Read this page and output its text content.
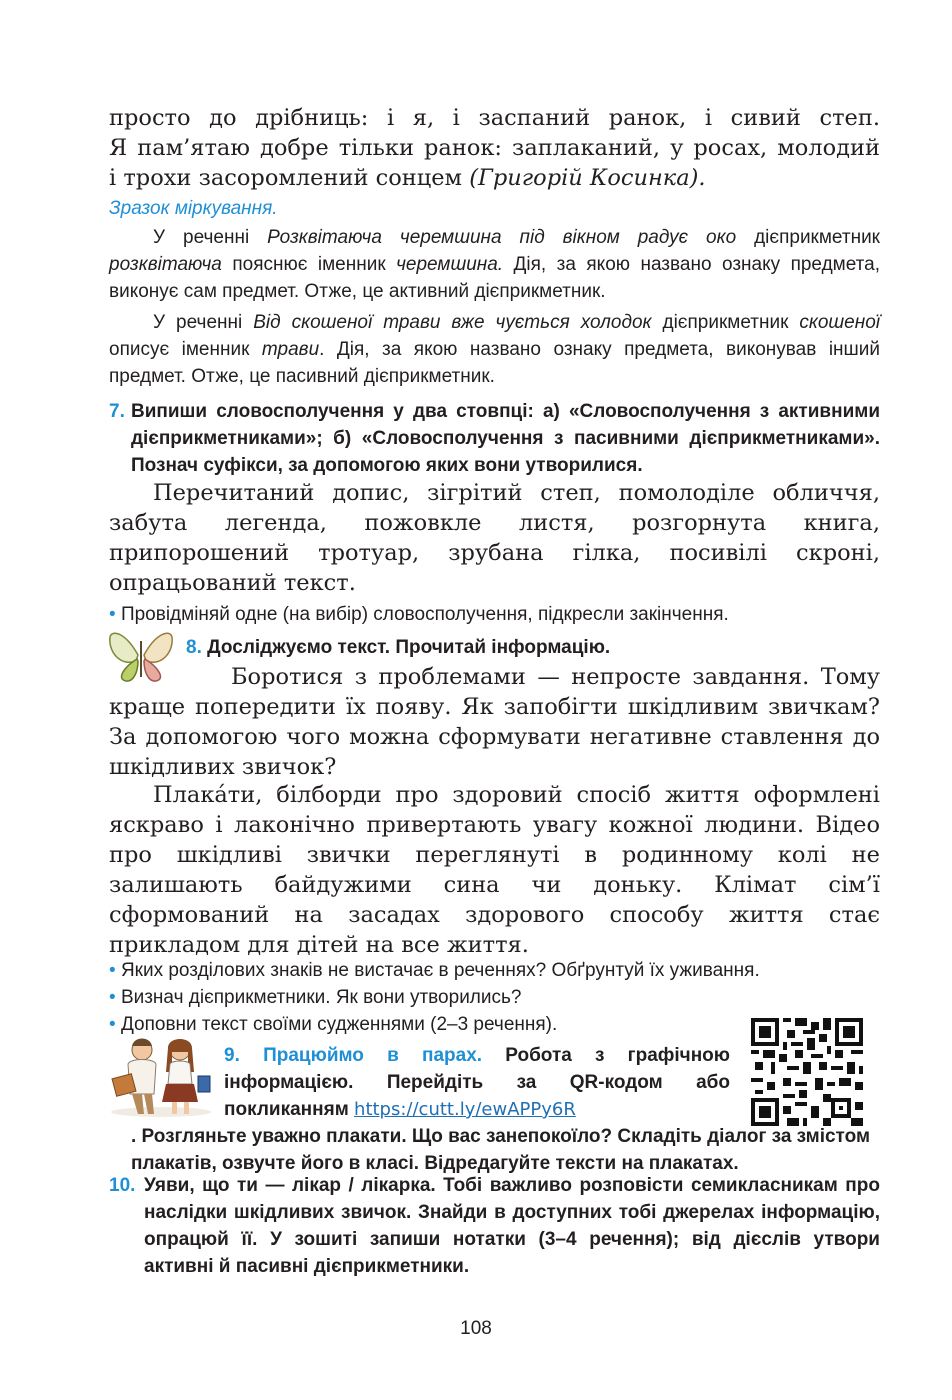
просто до дрібниць: і я, і заспаний ранок, і сивий степ.
Я пам’ятаю добре тільки ранок: заплаканий, у росах, молодий
і трохи засоромлений сонцем (Григорій Косинка).
Зразок міркування.

У реченні Розквітаюча черемшина під вікном радує око дієприкметник розквітаюча пояснює іменник черемшина. Дія, за якою названо ознаку предмета, виконує сам предмет. Отже, це активний дієприкметник.

У реченні Від скошеної трави вже чується холодок дієприкметник скошеної описує іменник трави. Дія, за якою названо ознаку предмета, виконував інший предмет. Отже, це пасивний дієприкметник.

7. Випиши словосполучення у два стовпці: а) «Словосполучення з активними дієприкметниками»; б) «Словосполучення з пасивними дієприкметниками». Познач суфікси, за допомогою яких вони утворилися.
Перечитаний допис, зігрітий степ, помолоділе обличчя, забута легенда, пожовкле листя, розгорнута книга, припорошений тротуар, зрубана гілка, посивілі скроні, опрацьований текст.
• Провідміняй одне (на вибір) словосполучення, підкресли закінчення.
8. Досліджуємо текст. Прочитай інформацію.
Боротися з проблемами — непросте завдання. Тому краще попередити їх появу. Як запобігти шкідливим звичкам? За допомогою чого можна сформувати негативне ставлення до шкідливих звичок?
Плака́ти, білборди про здоровий спосіб життя оформлені яскраво і лаконічно привертають увагу кожної людини. Відео про шкідливі звички переглянуті в родинному колі не залишають байдужими сина чи доньку. Клімат сім’ї сформований на засадах здорового способу життя стає прикладом для дітей на все життя.
• Яких розділових знаків не вистачає в реченнях? Обґрунтуй їх уживання.
• Визнач дієприкметники. Як вони утворились?
• Доповни текст своїми судженнями (2–3 речення).
9. Працюймо в парах. Робота з графічною інформацією. Перейдіть за QR-кодом або покликанням https://cutt.ly/ewAPPy6R
. Розгляньте уважно плакати. Що вас занепокоїло? Складіть діалог за змістом плакатів, озвучте його в класі. Відредагуйте тексти на плакатах.
10. Уяви, що ти — лікар / лікарка. Тобі важливо розповісти семикласникам про наслідки шкідливих звичок. Знайди в доступних тобі джерелах інформацію, опрацюй її. У зошиті запиши нотатки (3–4 речення); від дієслів утвори активні й пасивні дієприкметники.
108
